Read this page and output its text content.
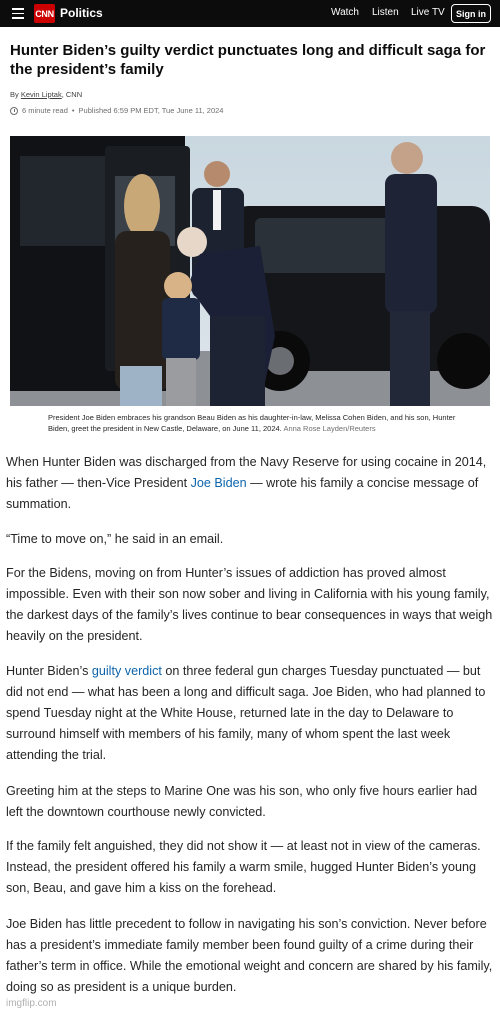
CNN Politics	Watch Listen Live TV	Sign in
Hunter Biden’s guilty verdict punctuates long and difficult saga for the president’s family
By Kevin Liptak, CNN
6 minute read • Published 6:59 PM EDT, Tue June 11, 2024
President Joe Biden embraces his grandson Beau Biden as his daughter-in-law, Melissa Cohen Biden, and his son, Hunter Biden, greet the president in New Castle, Delaware, on June 11, 2024. Anna Rose Layden/Reuters

When Hunter Biden was discharged from the Navy Reserve for using cocaine in 2014, his father — then-Vice President Joe Biden — wrote his family a concise message of summation.

“Time to move on,” he said in an email.

For the Bidens, moving on from Hunter’s issues of addiction has proved almost impossible. Even with their son now sober and living in California with his young family, the darkest days of the family’s lives continue to bear consequences in ways that weigh heavily on the president.

Hunter Biden’s guilty verdict on three federal gun charges Tuesday punctuated — but did not end — what has been a long and difficult saga. Joe Biden, who had planned to spend Tuesday night at the White House, returned late in the day to Delaware to surround himself with members of his family, many of whom spent the last week attending the trial.

Greeting him at the steps to Marine One was his son, who only five hours earlier had left the downtown courthouse newly convicted.

If the family felt anguished, they did not show it — at least not in view of the cameras. Instead, the president offered his family a warm smile, hugged Hunter Biden’s young son, Beau, and gave him a kiss on the forehead.

Joe Biden has little precedent to follow in navigating his son’s conviction. Never before has a president’s immediate family member been found guilty of a crime during their father’s term in office. While the emotional weight and concern are shared by his family, doing so as president is a unique burden.

imgflip.com
